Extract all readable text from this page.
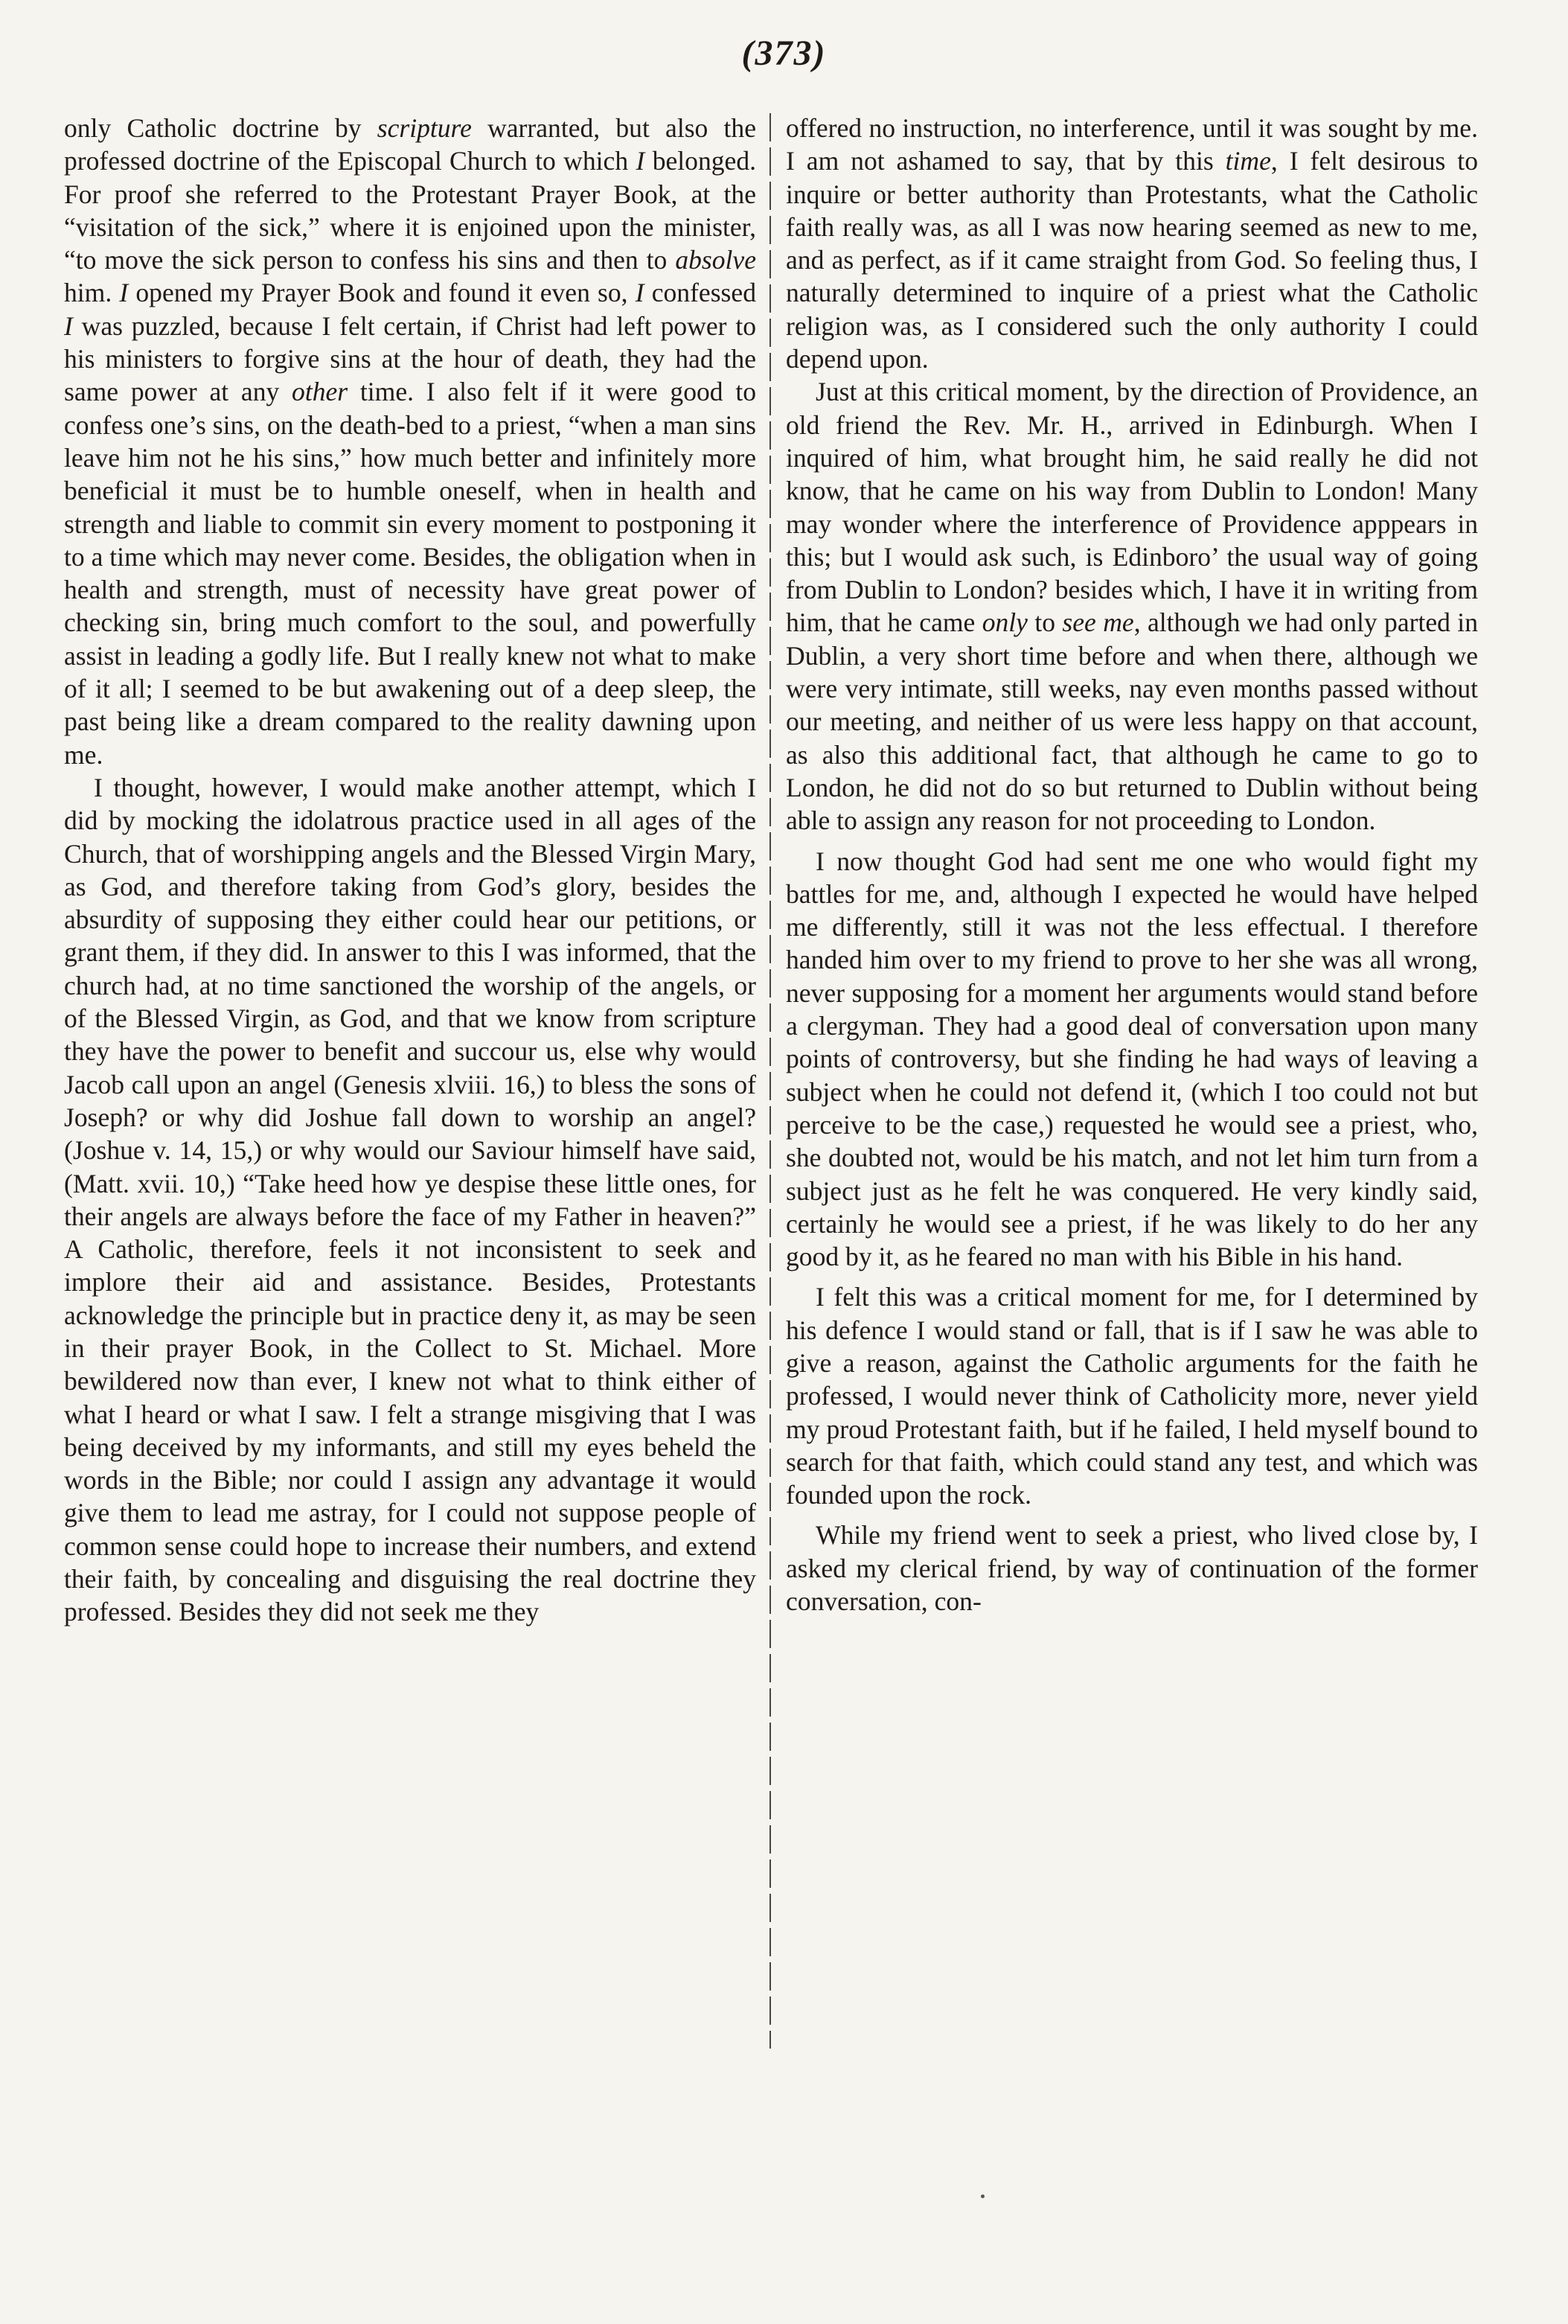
(373)

only Catholic doctrine by scripture warranted, but also the professed doctrine of the Episcopal Church to which I belonged. For proof she referred to the Protestant Prayer Book, at the “visitation of the sick,” where it is enjoined upon the minister, “to move the sick person to confess his sins and then to absolve him. I opened my Prayer Book and found it even so, I confessed I was puzzled, because I felt certain, if Christ had left power to his ministers to forgive sins at the hour of death, they had the same power at any other time. I also felt if it were good to confess one’s sins, on the death-bed to a priest, “when a man sins leave him not he his sins,” how much better and infinitely more beneficial it must be to humble oneself, when in health and strength and liable to commit sin every moment to postponing it to a time which may never come. Besides, the obligation when in health and strength, must of necessity have great power of checking sin, bring much comfort to the soul, and powerfully assist in leading a godly life. But I really knew not what to make of it all; I seemed to be but awakening out of a deep sleep, the past being like a dream compared to the reality dawning upon me.

I thought, however, I would make another attempt, which I did by mocking the idolatrous practice used in all ages of the Church, that of worshipping angels and the Blessed Virgin Mary, as God, and therefore taking from God’s glory, besides the absurdity of supposing they either could hear our petitions, or grant them, if they did. In answer to this I was informed, that the church had, at no time sanctioned the worship of the angels, or of the Blessed Virgin, as God, and that we know from scripture they have the power to benefit and succour us, else why would Jacob call upon an angel (Genesis xlviii. 16,) to bless the sons of Joseph? or why did Joshue fall down to worship an angel? (Joshue v. 14, 15,) or why would our Saviour himself have said, (Matt. xvii. 10,) “Take heed how ye despise these little ones, for their angels are always before the face of my Father in heaven?” A Catholic, therefore, feels it not inconsistent to seek and implore their aid and assistance. Besides, Protestants acknowledge the principle but in practice deny it, as may be seen in their prayer Book, in the Collect to St. Michael. More bewildered now than ever, I knew not what to think either of what I heard or what I saw. I felt a strange misgiving that I was being deceived by my informants, and still my eyes beheld the words in the Bible; nor could I assign any advantage it would give them to lead me astray, for I could not suppose people of common sense could hope to increase their numbers, and extend their faith, by concealing and disguising the real doctrine they professed. Besides they did not seek me they

offered no instruction, no interference, until it was sought by me. I am not ashamed to say, that by this time, I felt desirous to inquire or better authority than Protestants, what the Catholic faith really was, as all I was now hearing seemed as new to me, and as perfect, as if it came straight from God. So feeling thus, I naturally determined to inquire of a priest what the Catholic religion was, as I considered such the only authority I could depend upon.

Just at this critical moment, by the direction of Providence, an old friend the Rev. Mr. H., arrived in Edinburgh. When I inquired of him, what brought him, he said really he did not know, that he came on his way from Dublin to London! Many may wonder where the interference of Providence apppears in this; but I would ask such, is Edinboro’ the usual way of going from Dublin to London? besides which, I have it in writing from him, that he came only to see me, although we had only parted in Dublin, a very short time before and when there, although we were very intimate, still weeks, nay even months passed without our meeting, and neither of us were less happy on that account, as also this additional fact, that although he came to go to London, he did not do so but returned to Dublin without being able to assign any reason for not proceeding to London.

I now thought God had sent me one who would fight my battles for me, and, although I expected he would have helped me differently, still it was not the less effectual. I therefore handed him over to my friend to prove to her she was all wrong, never supposing for a moment her arguments would stand before a clergyman. They had a good deal of conversation upon many points of controversy, but she finding he had ways of leaving a subject when he could not defend it, (which I too could not but perceive to be the case,) requested he would see a priest, who, she doubted not, would be his match, and not let him turn from a subject just as he felt he was conquered. He very kindly said, certainly he would see a priest, if he was likely to do her any good by it, as he feared no man with his Bible in his hand.

I felt this was a critical moment for me, for I determined by his defence I would stand or fall, that is if I saw he was able to give a reason, against the Catholic arguments for the faith he professed, I would never think of Catholicity more, never yield my proud Protestant faith, but if he failed, I held myself bound to search for that faith, which could stand any test, and which was founded upon the rock.

While my friend went to seek a priest, who lived close by, I asked my clerical friend, by way of continuation of the former conversation, con-
